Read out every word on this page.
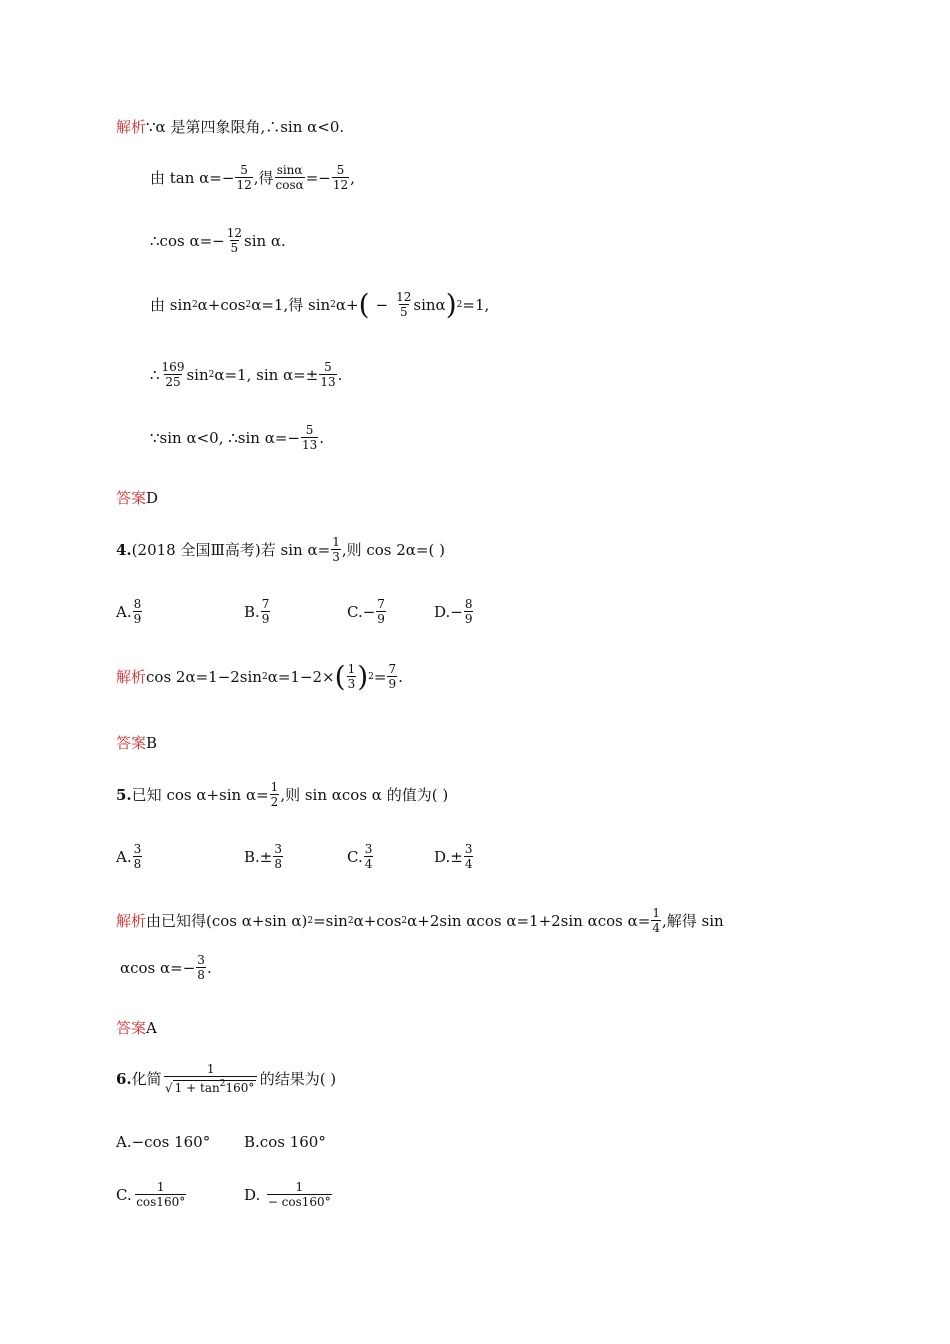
解析 ∵α 是第四象限角,∴sin α<0.
由 $\tan \alpha=- \frac{5}{12}$ ,得 $\frac{\sin\alpha}{\cos\alpha} =- \frac{5}{12}$ ,
∴cos $\alpha=- \frac{12}{5}$ sin α.
由 sin 2 α+cos 2 α=1,得 sin 2 α+ ( − $\frac{12}{5}$ sinα ) 2 =1,
∴ $\frac{169}{25}$ sin 2 α=1, $\sin \alpha=\pm \frac{5}{13}$ .
∵sin α<0, ∴sin $\alpha=- \frac{5}{13}$ .
答案 D
4. (2018 全国Ⅲ高考)若 $\sin \alpha= \frac{1}{3}$ ,则 cos 2α=( )
A. $\frac{8}{9}$	B. $\frac{7}{9}$	C. − $\frac{7}{9}$	D. − $\frac{8}{9}$
解析 cos 2α=1−2sin 2 α=1−2× ( $\frac{1}{3}$ ) $2 = \frac{7}{9}$ .
答案 B
5. 已知 cos α+sin $\alpha= \frac{1}{2}$ ,则 sin αcos α 的值为( )
A. $\frac{3}{8}$	B. ± $\frac{3}{8}$	C. $\frac{3}{4}$	D. ± $\frac{3}{4}$
解析 由已知得(cos α+sin α) 2 =sin 2 α+cos 2 α+2sin αcos α=1+2sin αcos $\alpha= \frac{1}{4}$ ,解得 sin
αcos $\alpha=- \frac{3}{8}$ .
答案 A
6. 化简 $\frac{1}{√ 1 + \tan^2160^\circ}$ 的结果为( )
A.−cos 160° B.cos 160°
C. $\frac{1}{\cos 160^\circ}$	D. $\frac{1}{- \cos 160^\circ}$
